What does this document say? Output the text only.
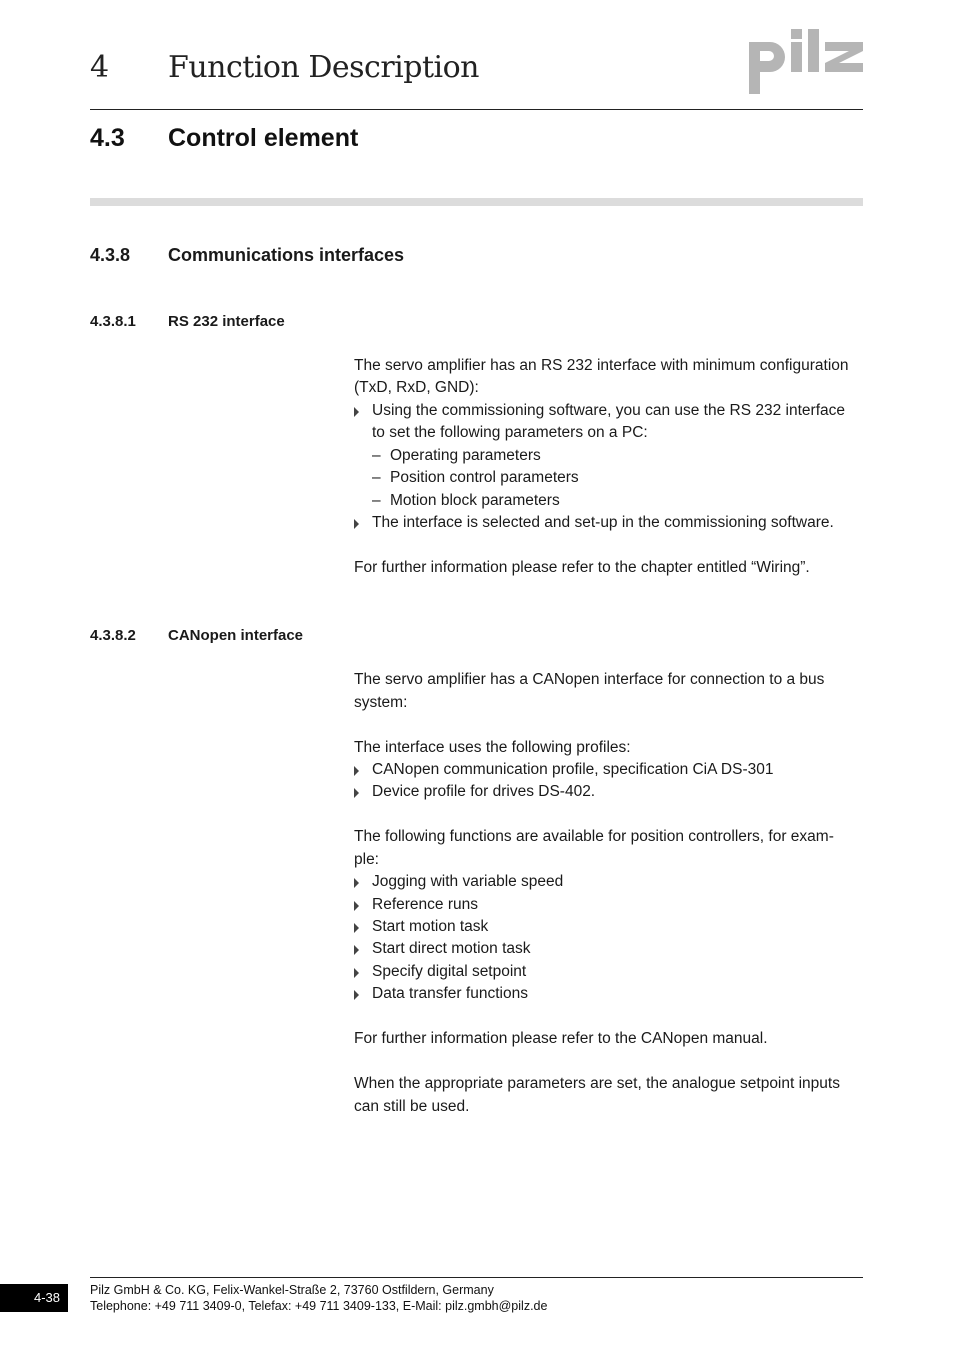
4 Function Description
4.3 Control element
4.3.8 Communications interfaces
4.3.8.1 RS 232 interface
The servo amplifier has an RS 232 interface with minimum configuration
(TxD, RxD, GND):
Using the commissioning software, you can use the RS 232 interface
to set the following parameters on a PC:
– Operating parameters
– Position control parameters
– Motion block parameters
The interface is selected and set-up in the commissioning software.
For further information please refer to the chapter entitled “Wiring”.
4.3.8.2 CANopen interface
The servo amplifier has a CANopen interface for connection to a bus
system:
The interface uses the following profiles:
CANopen communication profile, specification CiA DS-301
Device profile for drives DS-402.
The following functions are available for position controllers, for exam-
ple:
Jogging with variable speed
Reference runs
Start motion task
Start direct motion task
Specify digital setpoint
Data transfer functions
For further information please refer to the CANopen manual.
When the appropriate parameters are set, the analogue setpoint inputs
can still be used.
4-38	Pilz GmbH & Co. KG, Felix-Wankel-Straße 2, 73760 Ostfildern, Germany
Telephone: +49 711 3409-0, Telefax: +49 711 3409-133, E-Mail: pilz.gmbh@pilz.de
